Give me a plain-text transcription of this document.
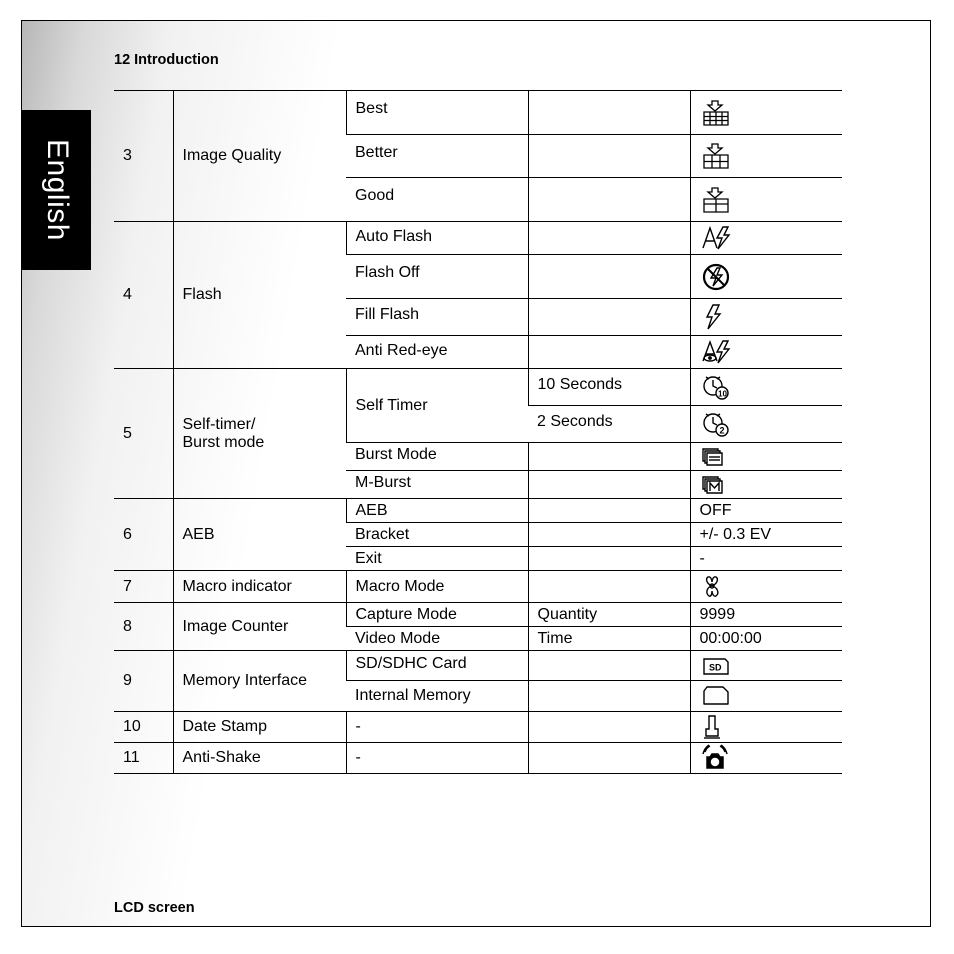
English
12 Introduction
LCD screen
3	Image Quality	Best		

		Better		

		Good		

4	Flash	Auto Flash		

		Flash Off		

		Fill Flash		

		Anti Red-eye		

5	Self-timer/
Burst mode	Self Timer	10 Seconds	10

			2 Seconds	2

		Burst Mode		

		M-Burst		

6	AEB	AEB		OFF
		Bracket		+/- 0.3 EV
		Exit		-
7	Macro indicator	Macro Mode		

8	Image Counter	Capture Mode	Quantity	9999
		Video Mode	Time	00:00:00
9	Memory Interface	SD/SDHC Card		SD

		Internal Memory		

10	Date Stamp	-		

11	Anti-Shake	-		
